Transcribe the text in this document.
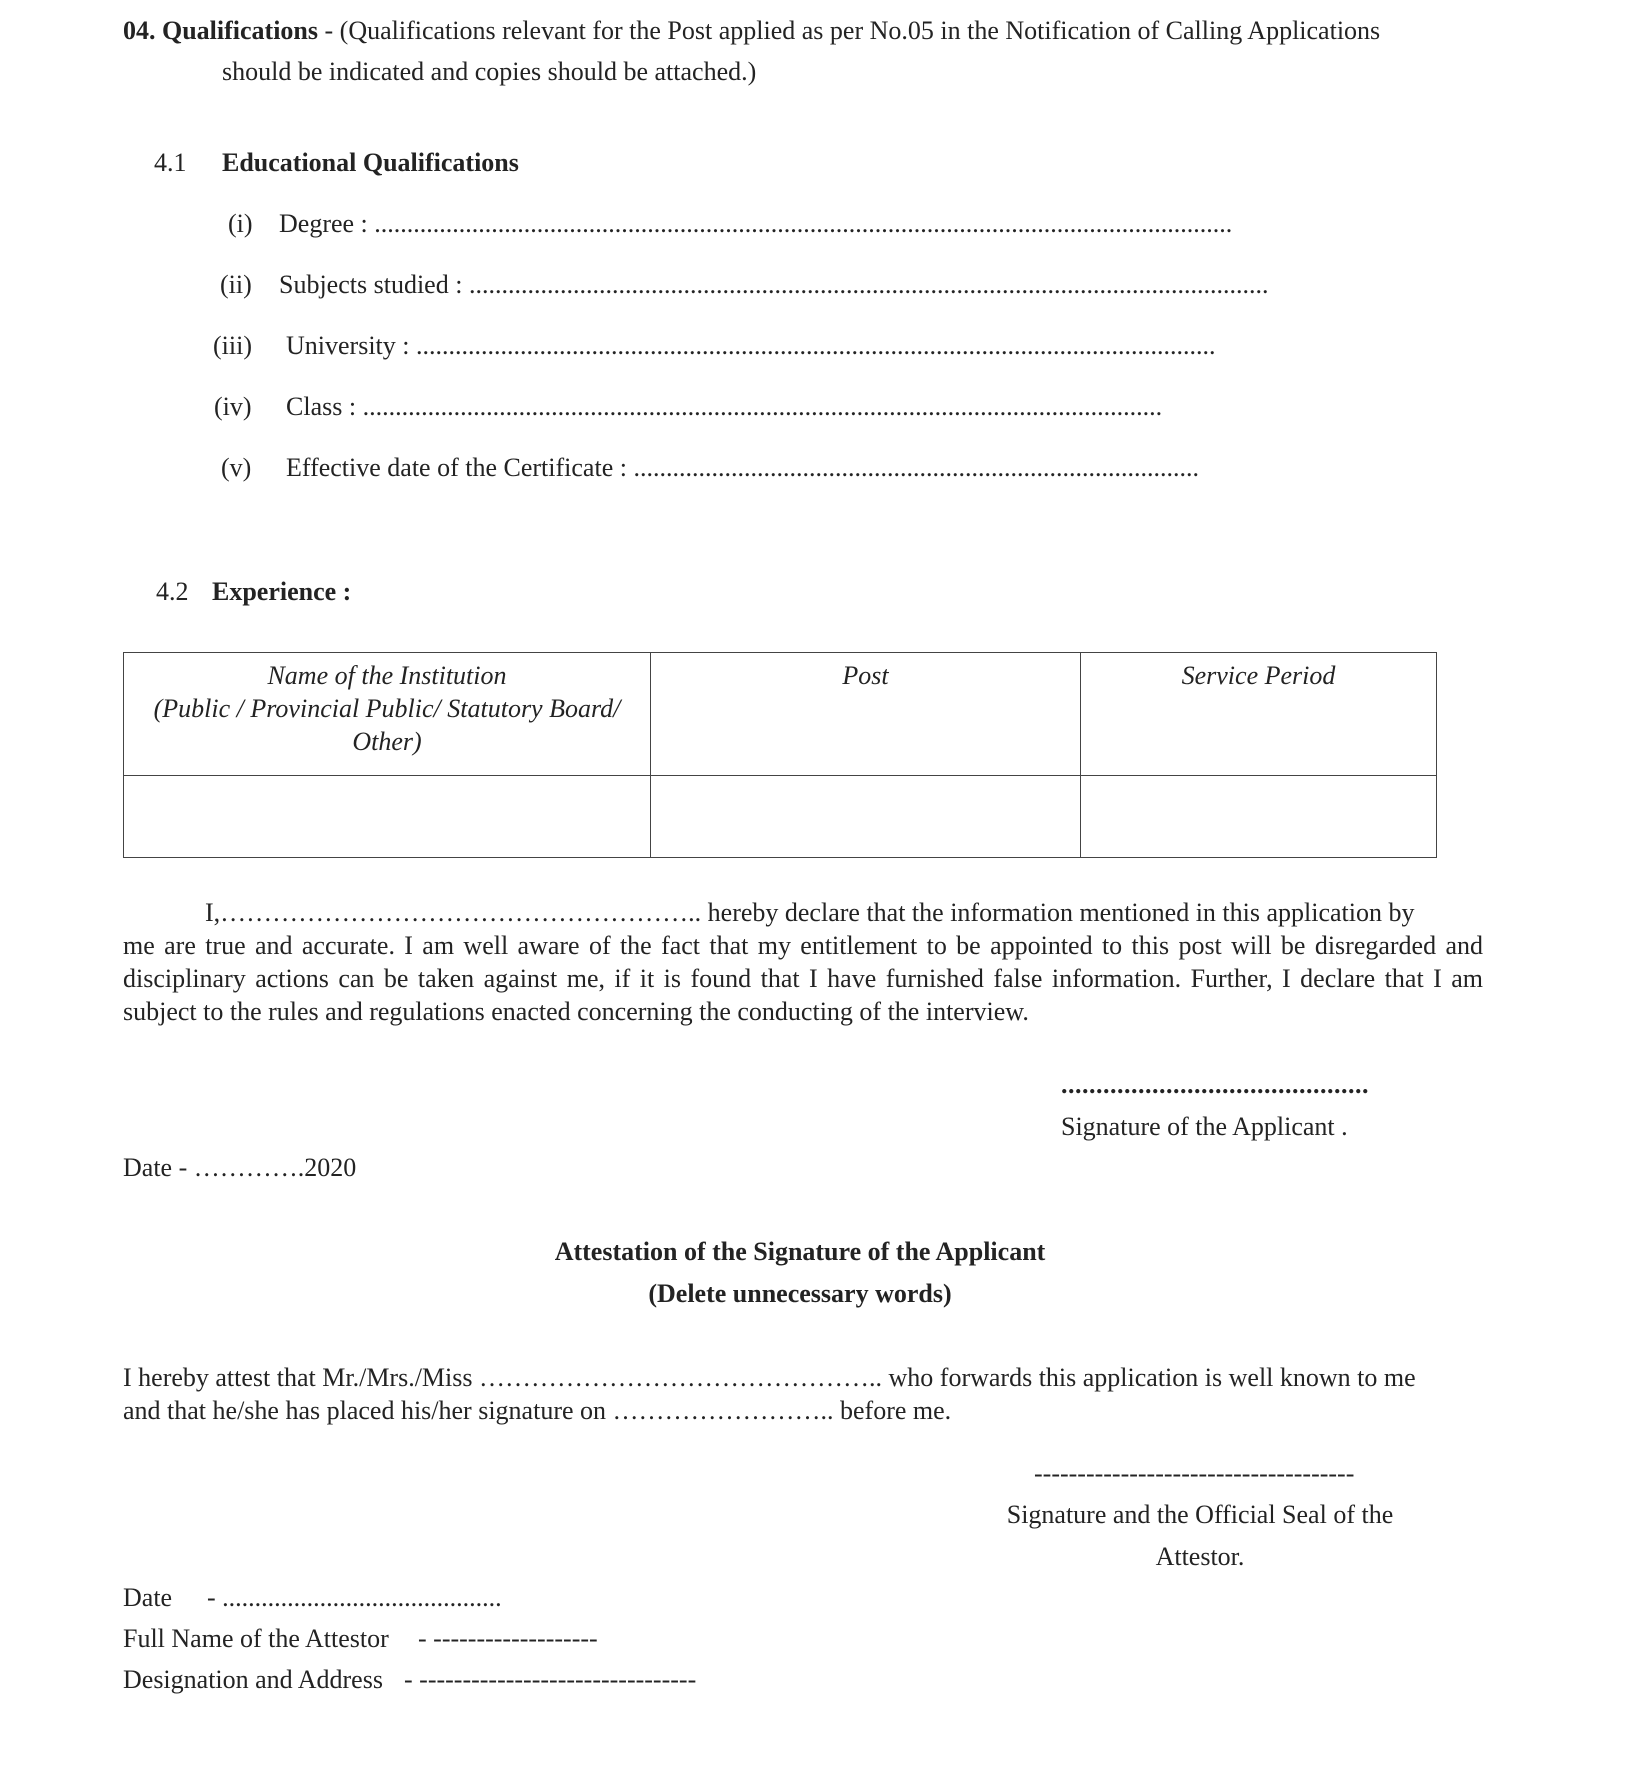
04. Qualifications - (Qualifications relevant for the Post applied as per No.05 in the Notification of Calling Applications
should be indicated and copies should be attached.)
4.1 Educational Qualifications
(i) Degree : ....................................................................................................................................
(ii) Subjects studied : ...........................................................................................................................
(iii) University : ...........................................................................................................................
(iv) Class : ...........................................................................................................................
(v) Effective date of the Certificate : .......................................................................................
4.2 Experience :
Name of the Institution
(Public / Provincial Public/ Statutory Board/
Other)	Post	Service Period

I,……………………………………………….. hereby declare that the information mentioned in this application by
me are true and accurate. I am well aware of the fact that my entitlement to be appointed to this post will be disregarded and disciplinary actions can be taken against me, if it is found that I have furnished false information. Further, I declare that I am subject to the rules and regulations enacted concerning the conducting of the interview.
............................................
Signature of the Applicant .
Date - ………….2020
Attestation of the Signature of the Applicant
(Delete unnecessary words)
I hereby attest that Mr./Mrs./Miss ……………………………………….. who forwards this application is well known to me
and that he/she has placed his/her signature on …………………….. before me.
-------------------------------------
Signature and the Official Seal of the
Attestor.
Date - ...........................................
Full Name of the Attestor - -------------------
Designation and Address - --------------------------------
